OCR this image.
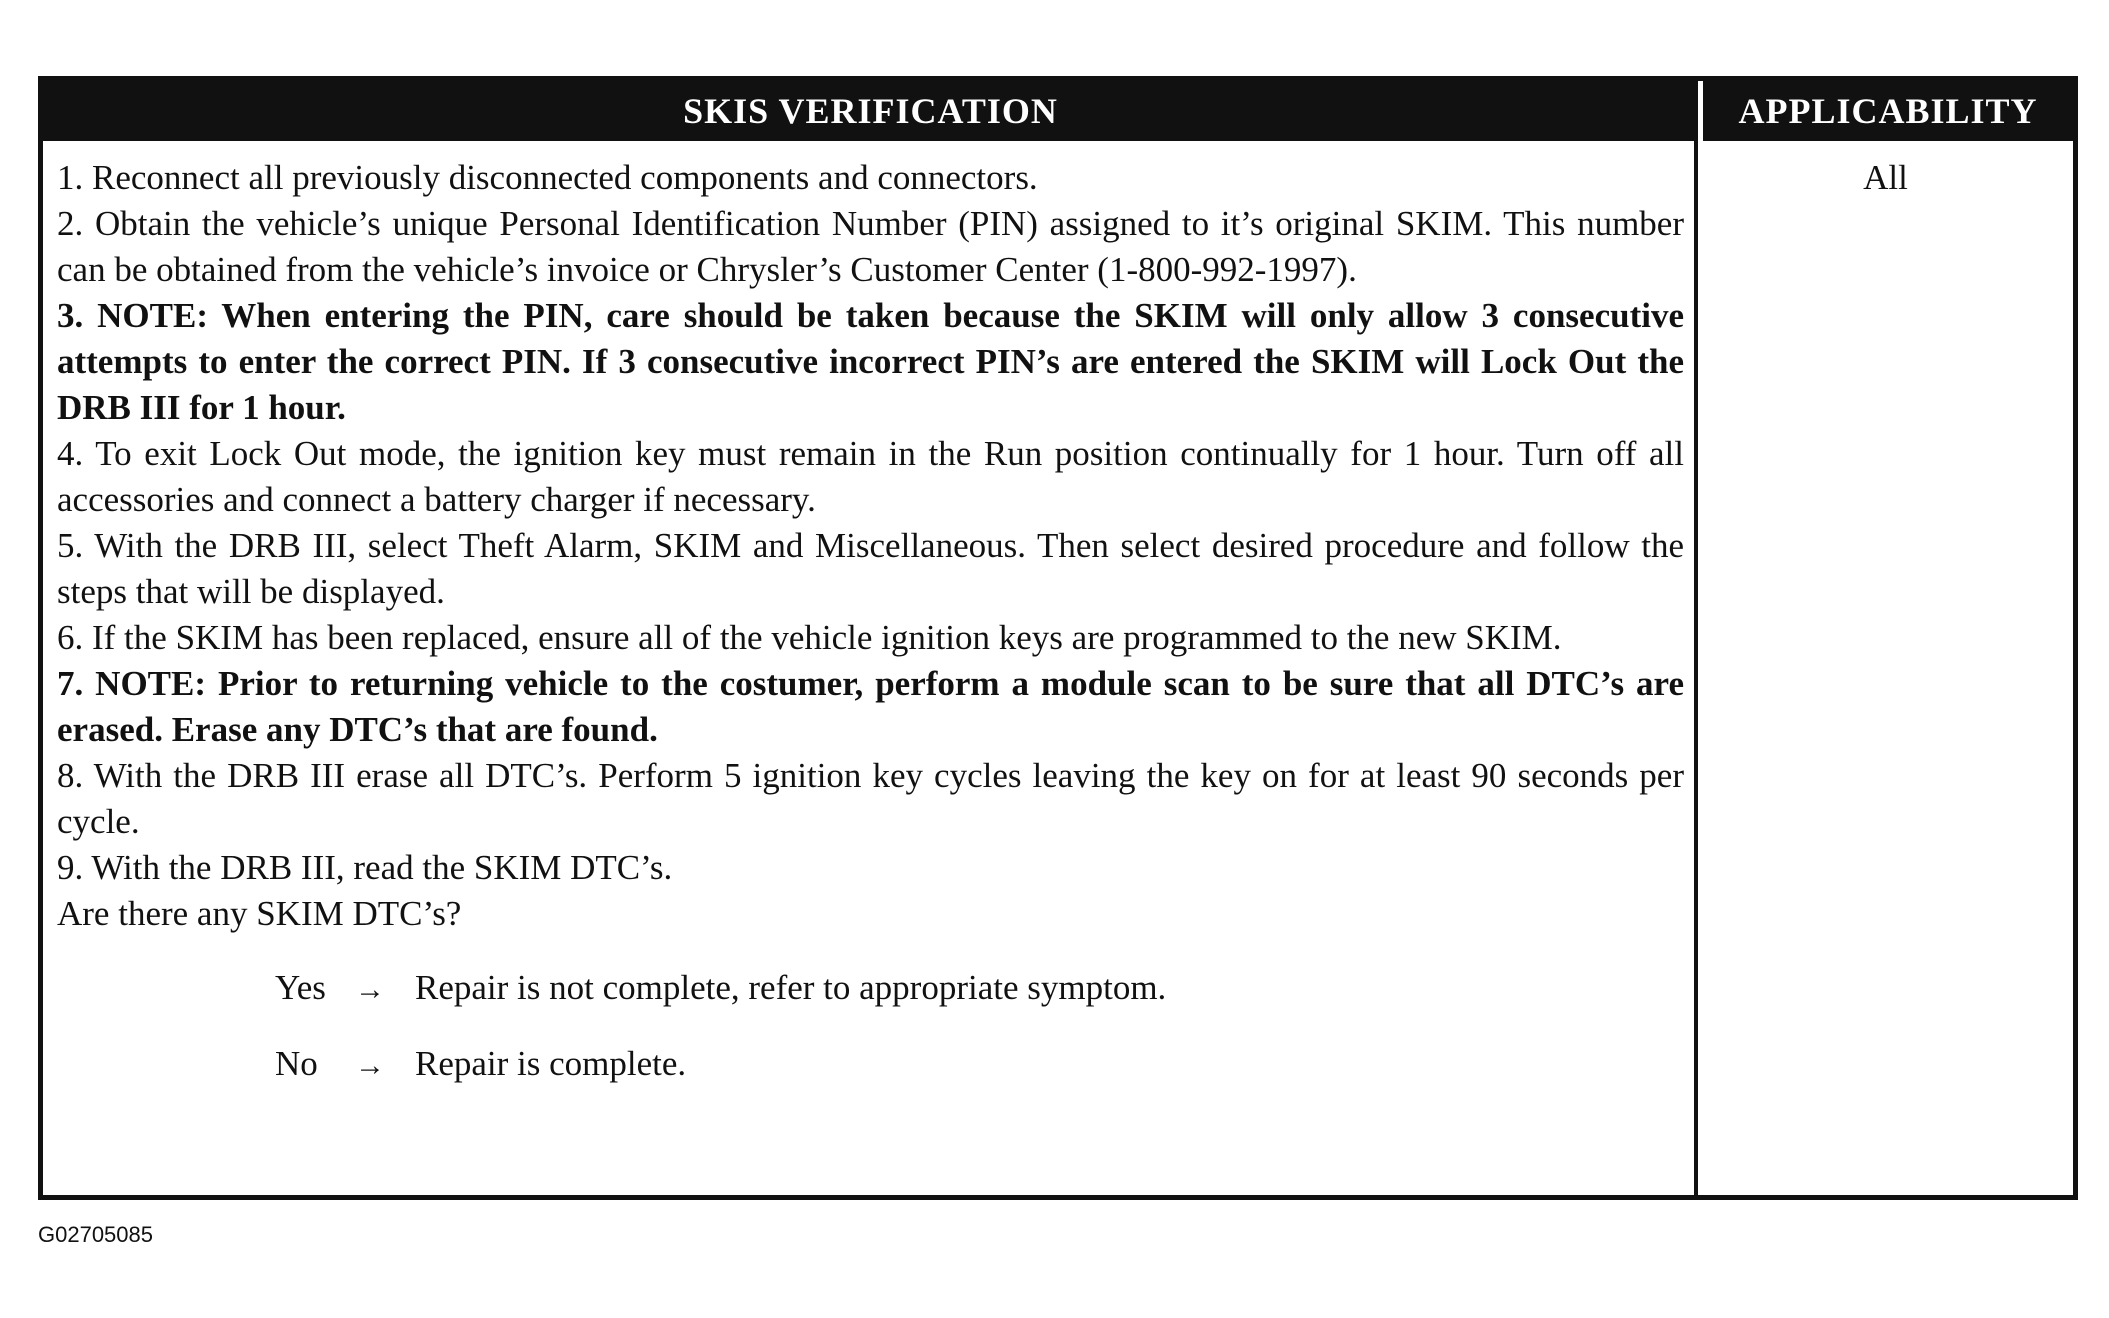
SKIS VERIFICATION	APPLICABILITY

1. Reconnect all previously disconnected components and connectors.

2. Obtain the vehicle’s unique Personal Identification Number (PIN) assigned to it’s original SKIM. This number can be obtained from the vehicle’s invoice or Chrysler’s Customer Center (1-800-992-1997).

3. NOTE: When entering the PIN, care should be taken because the SKIM will only allow 3 consecutive attempts to enter the correct PIN. If 3 consecutive incorrect PIN’s are entered the SKIM will Lock Out the DRB III for 1 hour.

4. To exit Lock Out mode, the ignition key must remain in the Run position continually for 1 hour. Turn off all accessories and connect a battery charger if necessary.

5. With the DRB III, select Theft Alarm, SKIM and Miscellaneous. Then select desired procedure and follow the steps that will be displayed.

6. If the SKIM has been replaced, ensure all of the vehicle ignition keys are programmed to the new SKIM.

7. NOTE: Prior to returning vehicle to the costumer, perform a module scan to be sure that all DTC’s are erased. Erase any DTC’s that are found.

8. With the DRB III erase all DTC’s. Perform 5 ignition key cycles leaving the key on for at least 90 seconds per cycle.

9. With the DRB III, read the SKIM DTC’s.

Are there any SKIM DTC’s?

Yes → Repair is not complete, refer to appropriate symptom.
No	→ Repair is complete.
All
G02705085
